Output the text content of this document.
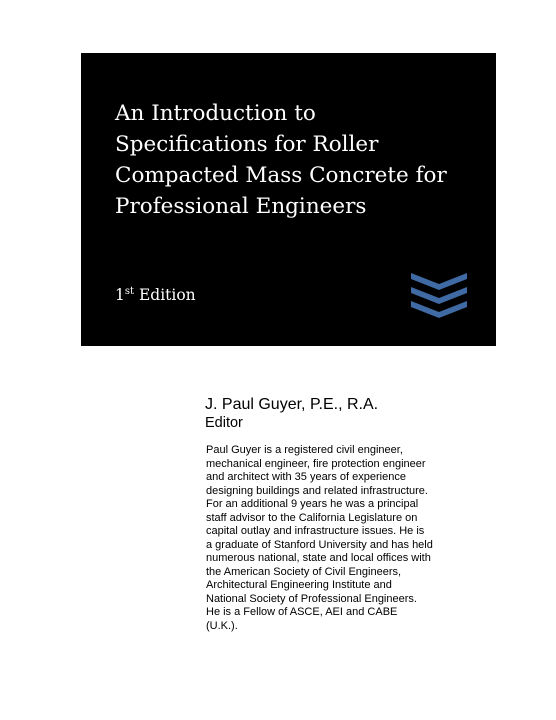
An Introduction to
Specifications for Roller
Compacted Mass Concrete for
Professional Engineers
1st Edition

J. Paul Guyer, P.E., R.A.

Editor

Paul Guyer is a registered civil engineer,
mechanical engineer, fire protection engineer
and architect with 35 years of experience
designing buildings and related infrastructure.
For an additional 9 years he was a principal
staff advisor to the California Legislature on
capital outlay and infrastructure issues. He is
a graduate of Stanford University and has held
numerous national, state and local offices with
the American Society of Civil Engineers,
Architectural Engineering Institute and
National Society of Professional Engineers.
He is a Fellow of ASCE, AEI and CABE
(U.K.).
